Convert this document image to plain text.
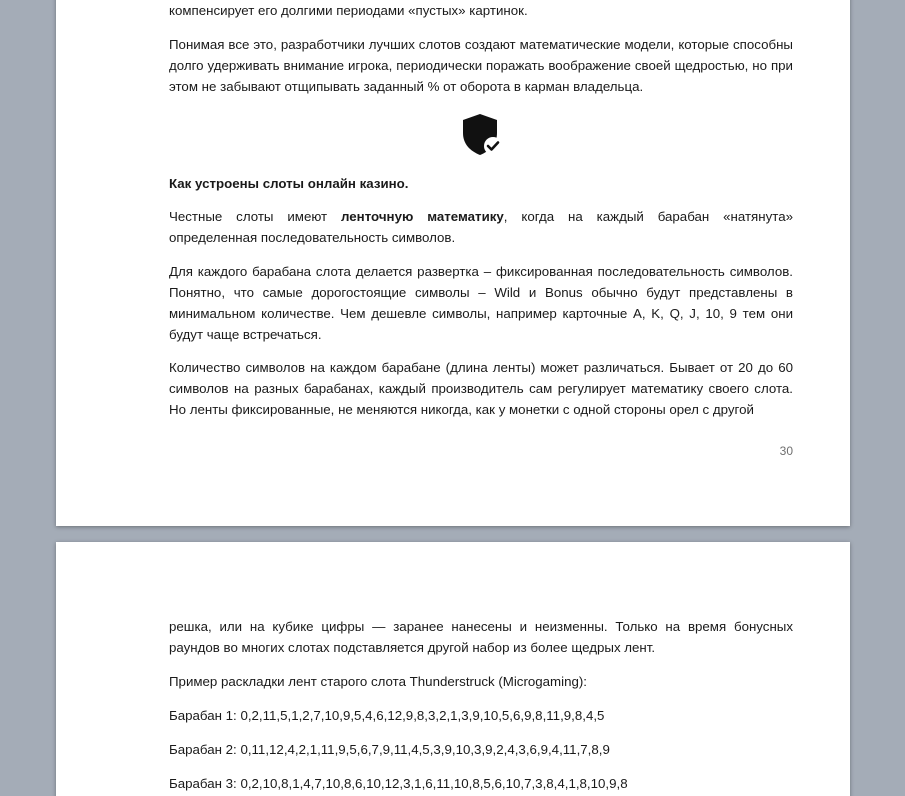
компенсирует его долгими периодами «пустых» картинок.

Понимая все это, разработчики лучших слотов создают математические модели, которые способны долго удерживать внимание игрока, периодически поражать воображение своей щедростью, но при этом не забывают отщипывать заданный % от оборота в карман владельца.

Как устроены слоты онлайн казино.

Честные слоты имеют ленточную математику, когда на каждый барабан «натянута» определенная последовательность символов.

Для каждого барабана слота делается развертка – фиксированная последовательность символов. Понятно, что самые дорогостоящие символы – Wild и Bonus обычно будут представлены в минимальном количестве. Чем дешевле символы, например карточные A, K, Q, J, 10, 9 тем они будут чаще встречаться.

Количество символов на каждом барабане (длина ленты) может различаться. Бывает от 20 до 60 символов на разных барабанах, каждый производитель сам регулирует математику своего слота. Но ленты фиксированные, не меняются никогда, как у монетки с одной стороны орел с другой

30

решка, или на кубике цифры — заранее нанесены и неизменны. Только на время бонусных раундов во многих слотах подставляется другой набор из более щедрых лент.

Пример раскладки лент старого слота Thunderstruck (Microgaming):

Барабан 1: 0,2,11,5,1,2,7,10,9,5,4,6,12,9,8,3,2,1,3,9,10,5,6,9,8,11,9,8,4,5

Барабан 2: 0,11,12,4,2,1,11,9,5,6,7,9,11,4,5,3,9,10,3,9,2,4,3,6,9,4,11,7,8,9

Барабан 3: 0,2,10,8,1,4,7,10,8,6,10,12,3,1,6,11,10,8,5,6,10,7,3,8,4,1,8,10,9,8
